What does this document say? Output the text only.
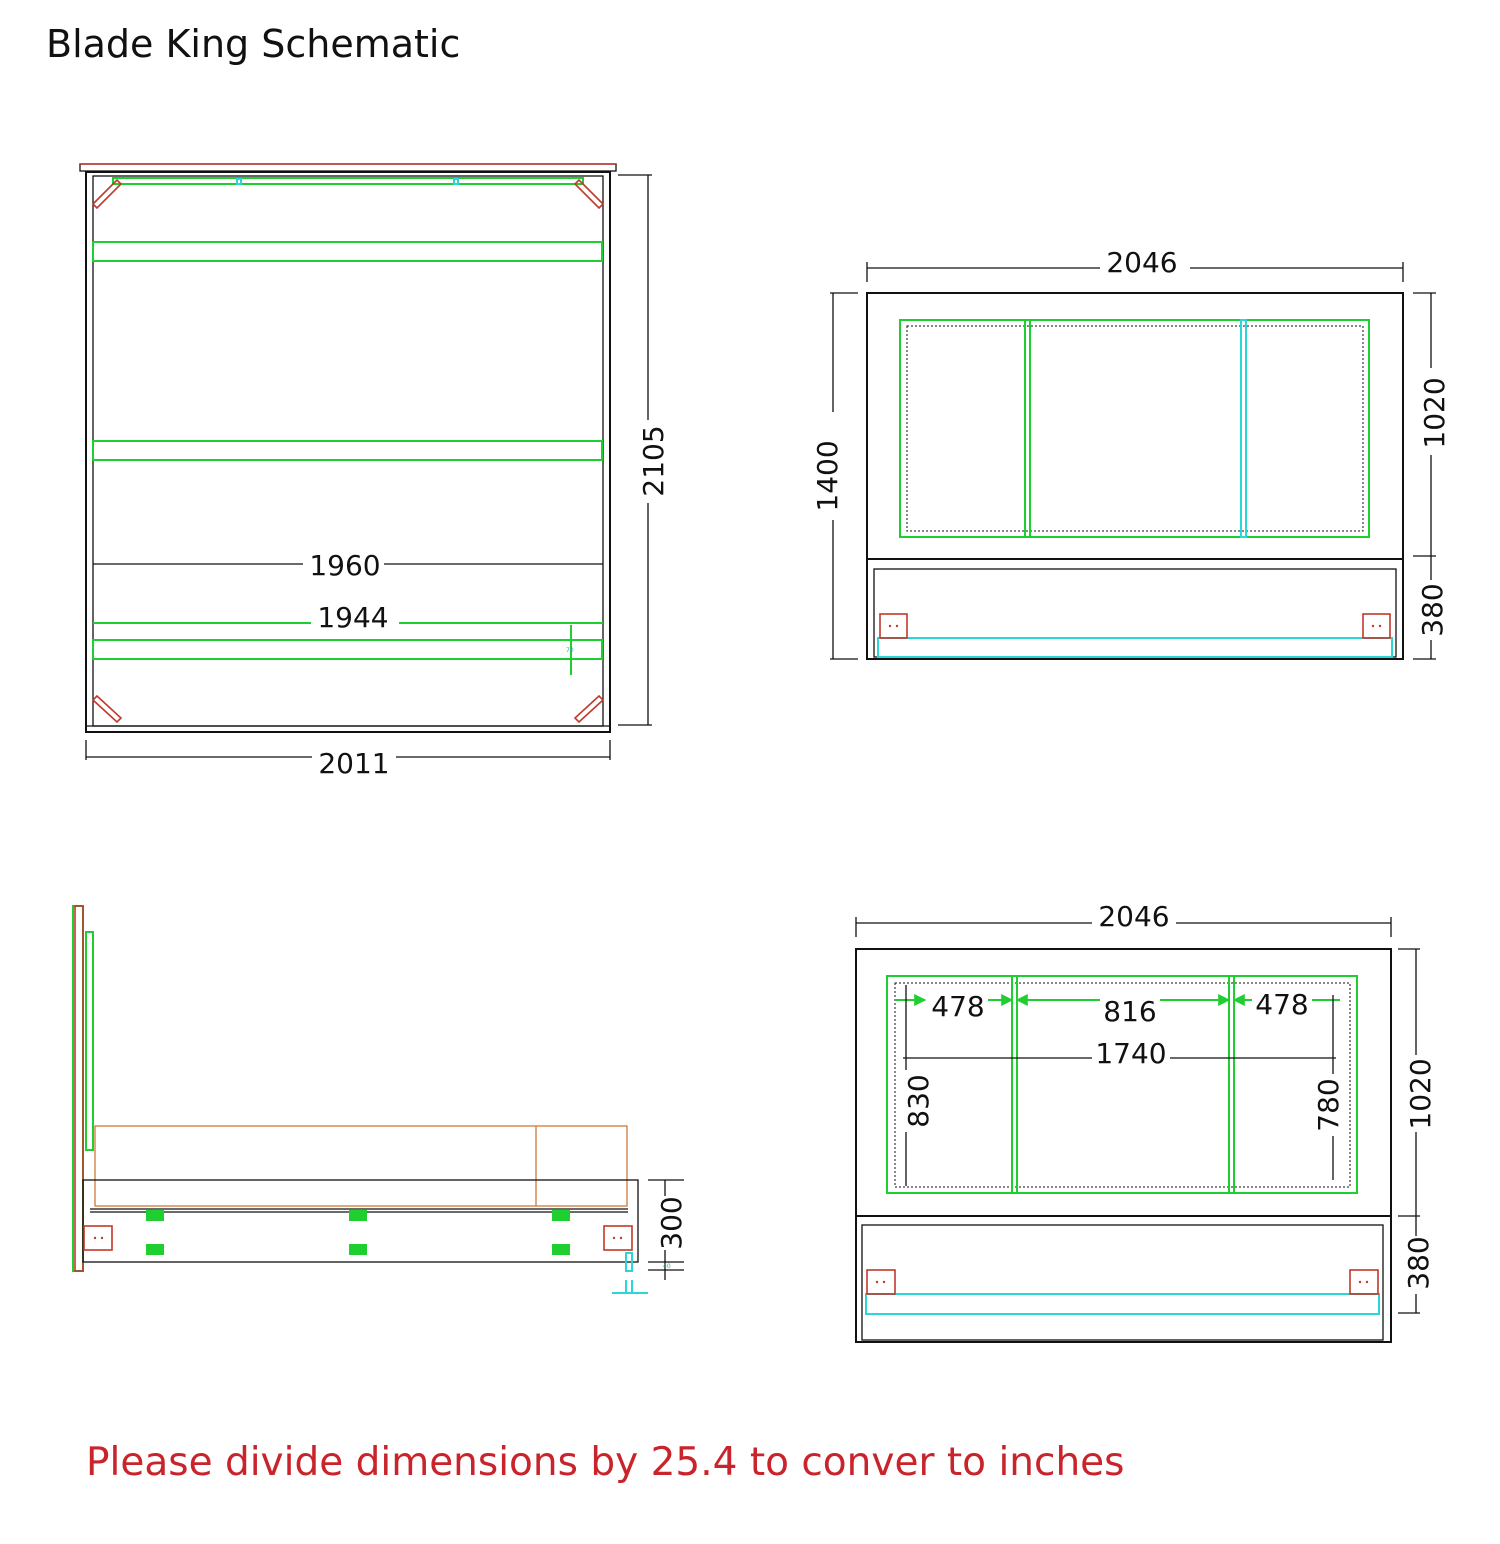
Blade King Schematic
70
1960
1944
2011
2105
2046
1400
1020
380
300
40
2046
478	816	478
1740
830	780 1020
380
Please divide dimensions by 25.4 to conver to inches
